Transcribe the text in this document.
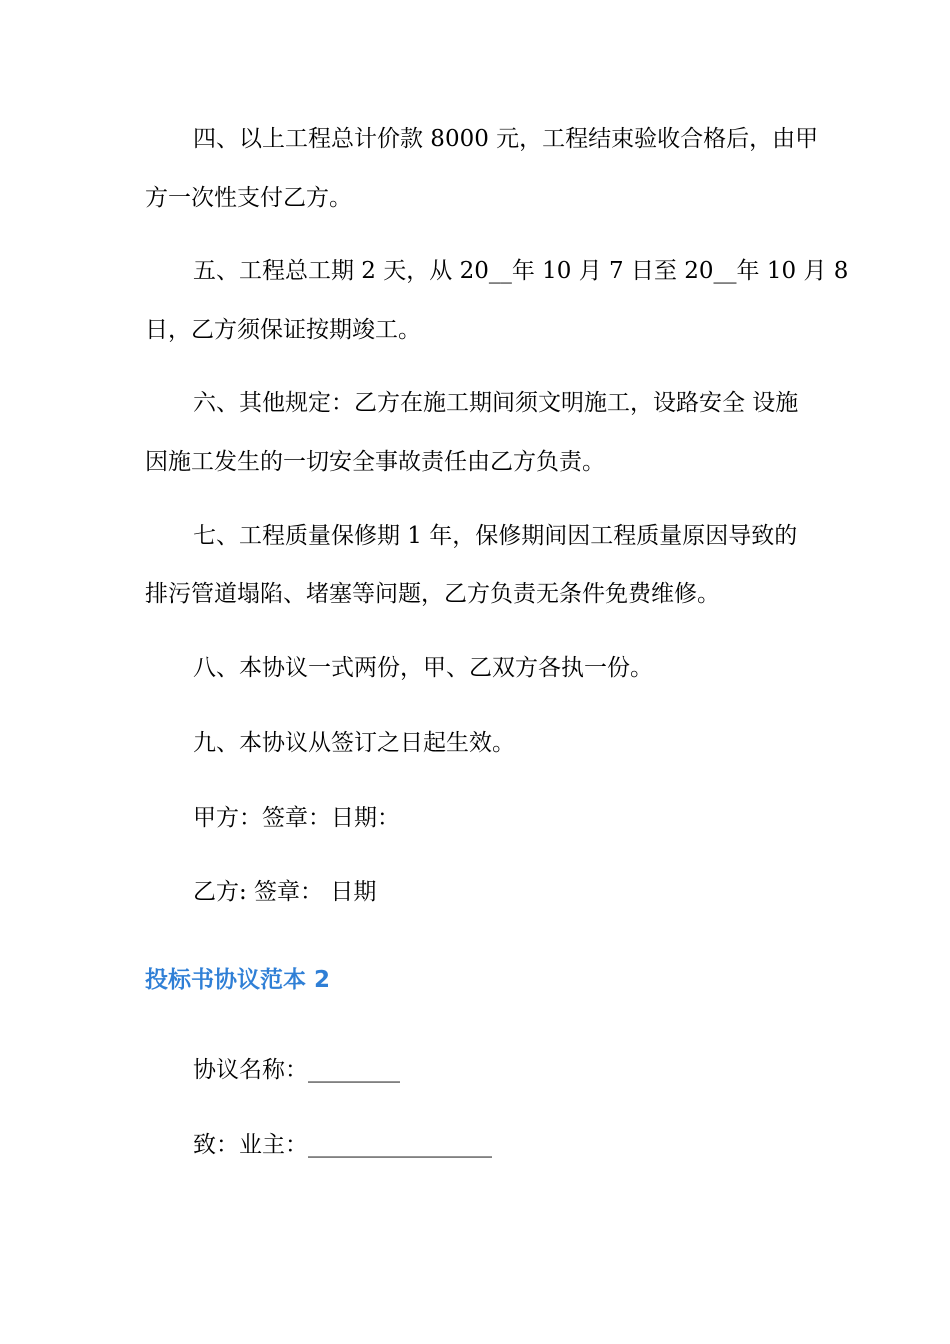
四、以上工程总计价款 8000 元，工程结束验收合格后，由甲
方一次性支付乙方。
五、工程总工期 2 天，从 20__年 10 月 7 日至 20__年 10 月 8
日，乙方须保证按期竣工。
六、其他规定：乙方在施工期间须文明施工，设路安全 设施
因施工发生的一切安全事故责任由乙方负责。
七、工程质量保修期 1 年，保修期间因工程质量原因导致的
排污管道塌陷、堵塞等问题，乙方负责无条件免费维修。
八、本协议一式两份，甲、乙双方各执一份。
九、本协议从签订之日起生效。
甲方：签章：日期：
乙方: 签章： 日期
投标书协议范本 2
协议名称：________
致：业主：________________
